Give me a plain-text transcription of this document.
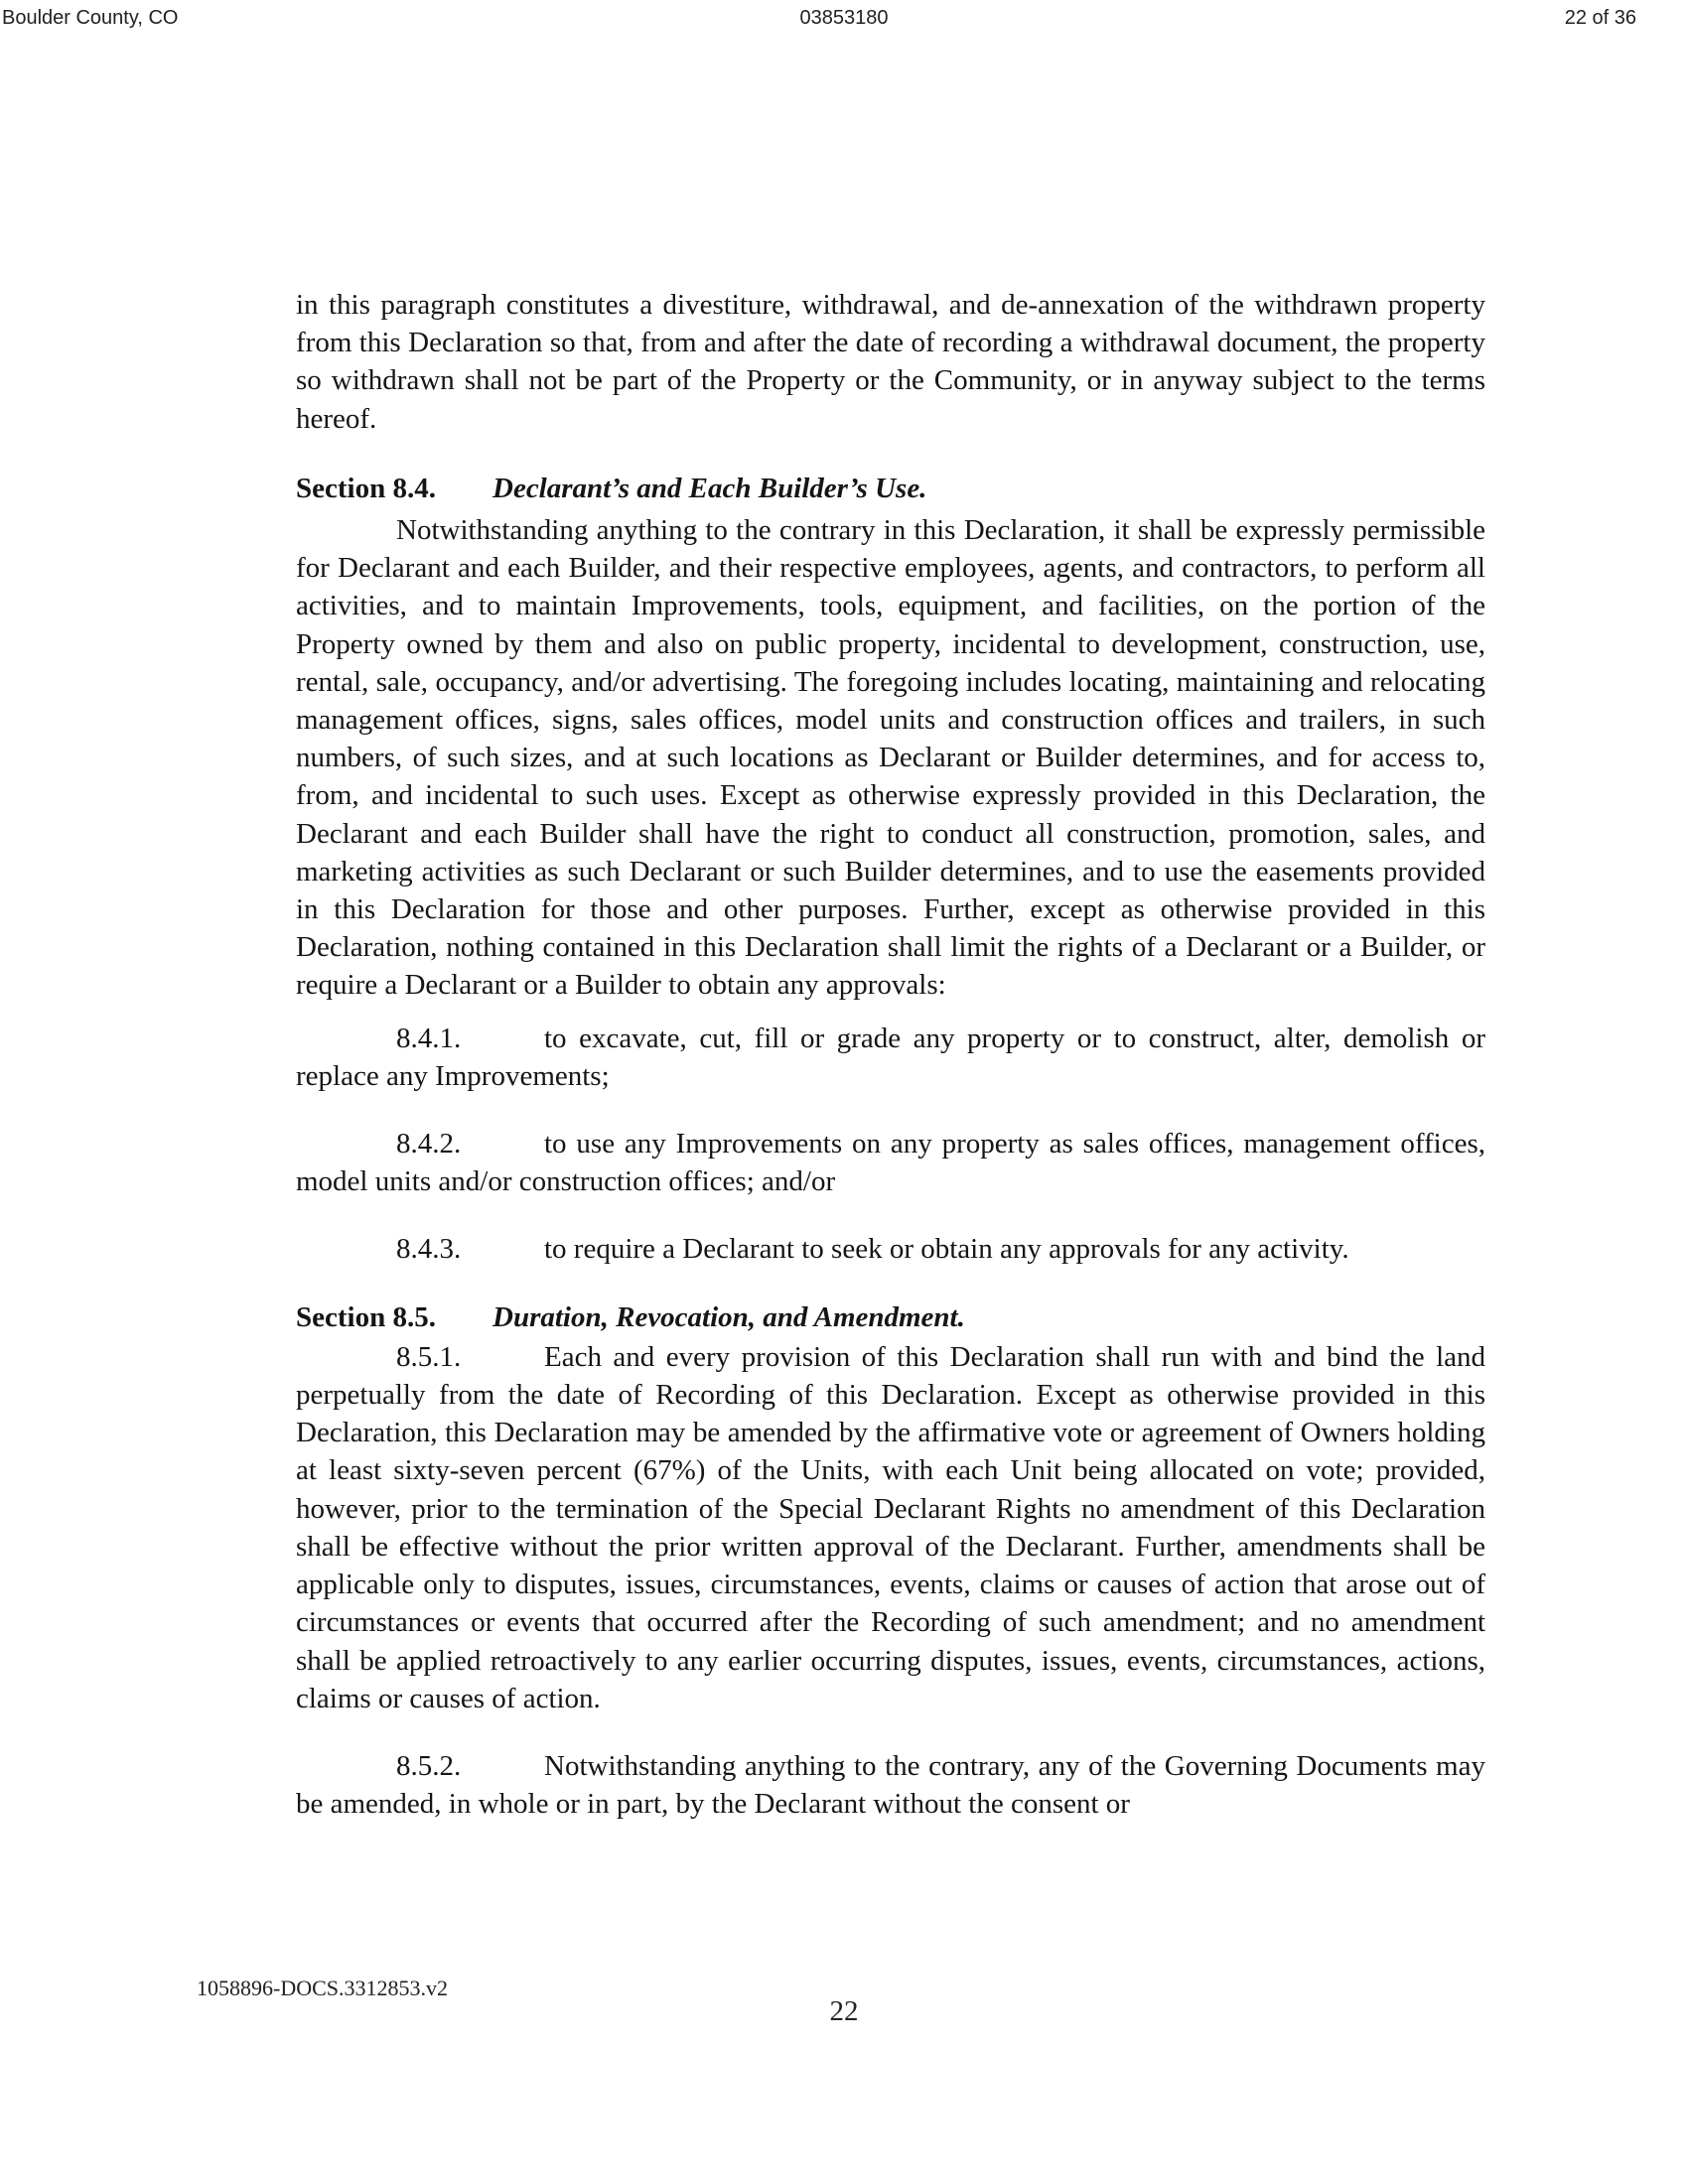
Boulder County, CO	03853180	22 of 36

in this paragraph constitutes a divestiture, withdrawal, and de-annexation of the withdrawn property from this Declaration so that, from and after the date of recording a withdrawal document, the property so withdrawn shall not be part of the Property or the Community, or in anyway subject to the terms hereof.

Section 8.4. Declarant’s and Each Builder’s Use.

Notwithstanding anything to the contrary in this Declaration, it shall be expressly permissible for Declarant and each Builder, and their respective employees, agents, and contractors, to perform all activities, and to maintain Improvements, tools, equipment, and facilities, on the portion of the Property owned by them and also on public property, incidental to development, construction, use, rental, sale, occupancy, and/or advertising. The foregoing includes locating, maintaining and relocating management offices, signs, sales offices, model units and construction offices and trailers, in such numbers, of such sizes, and at such locations as Declarant or Builder determines, and for access to, from, and incidental to such uses. Except as otherwise expressly provided in this Declaration, the Declarant and each Builder shall have the right to conduct all construction, promotion, sales, and marketing activities as such Declarant or such Builder determines, and to use the easements provided in this Declaration for those and other purposes. Further, except as otherwise provided in this Declaration, nothing contained in this Declaration shall limit the rights of a Declarant or a Builder, or require a Declarant or a Builder to obtain any approvals:

8.4.1.	to excavate, cut, fill or grade any property or to construct, alter, demolish or replace any Improvements;

8.4.2.	to use any Improvements on any property as sales offices, management offices, model units and/or construction offices; and/or

8.4.3.	to require a Declarant to seek or obtain any approvals for any activity.

Section 8.5. Duration, Revocation, and Amendment.

8.5.1.	Each and every provision of this Declaration shall run with and bind the land perpetually from the date of Recording of this Declaration. Except as otherwise provided in this Declaration, this Declaration may be amended by the affirmative vote or agreement of Owners holding at least sixty-seven percent (67%) of the Units, with each Unit being allocated on vote; provided, however, prior to the termination of the Special Declarant Rights no amendment of this Declaration shall be effective without the prior written approval of the Declarant. Further, amendments shall be applicable only to disputes, issues, circumstances, events, claims or causes of action that arose out of circumstances or events that occurred after the Recording of such amendment; and no amendment shall be applied retroactively to any earlier occurring disputes, issues, events, circumstances, actions, claims or causes of action.

8.5.2.	Notwithstanding anything to the contrary, any of the Governing Documents may be amended, in whole or in part, by the Declarant without the consent or

1058896-DOCS.3312853.v2
22
